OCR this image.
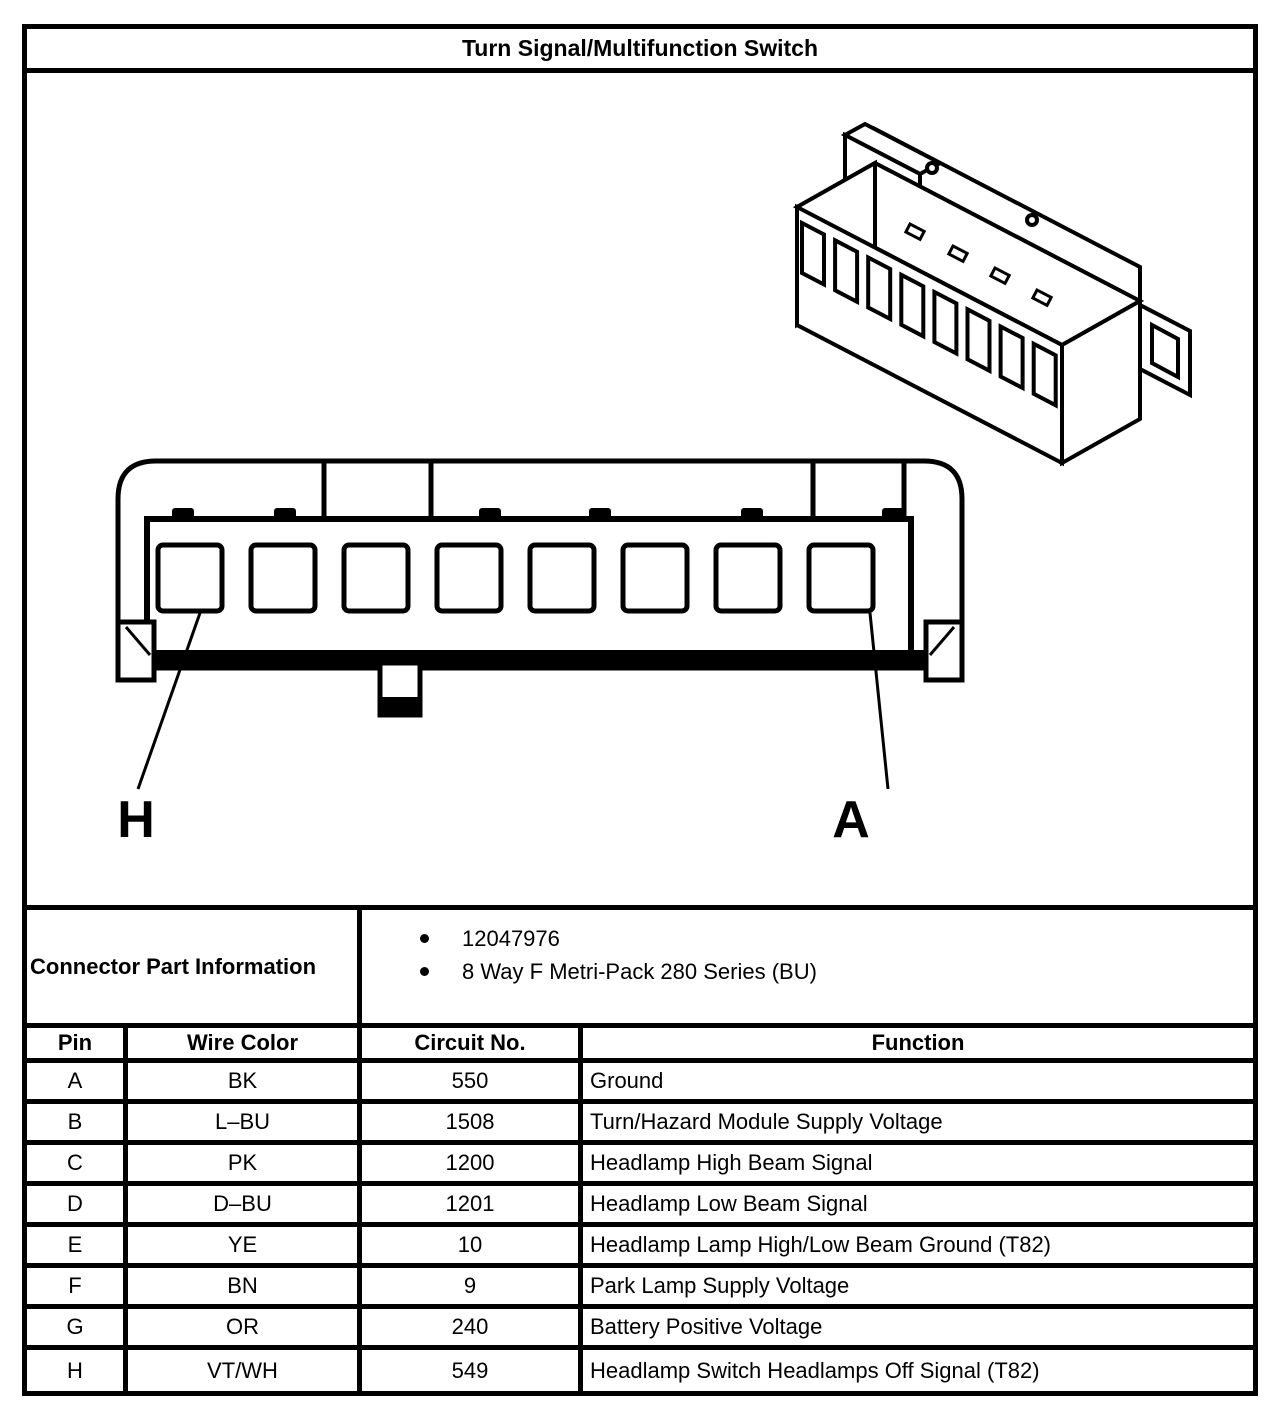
Turn Signal/Multifunction Switch
H	A
Connector Part Information
12047976
8 Way F Metri-Pack 280 Series (BU)
Pin	Wire Color	Circuit No.	Function
A	BK	550	Ground
B	L–BU	1508	Turn/Hazard Module Supply Voltage
C	PK	1200	Headlamp High Beam Signal
D	D–BU	1201	Headlamp Low Beam Signal
E	YE	10	Headlamp Lamp High/Low Beam Ground (T82)
F	BN	9	Park Lamp Supply Voltage
G	OR	240	Battery Positive Voltage
H	VT/WH	549	Headlamp Switch Headlamps Off Signal (T82)
